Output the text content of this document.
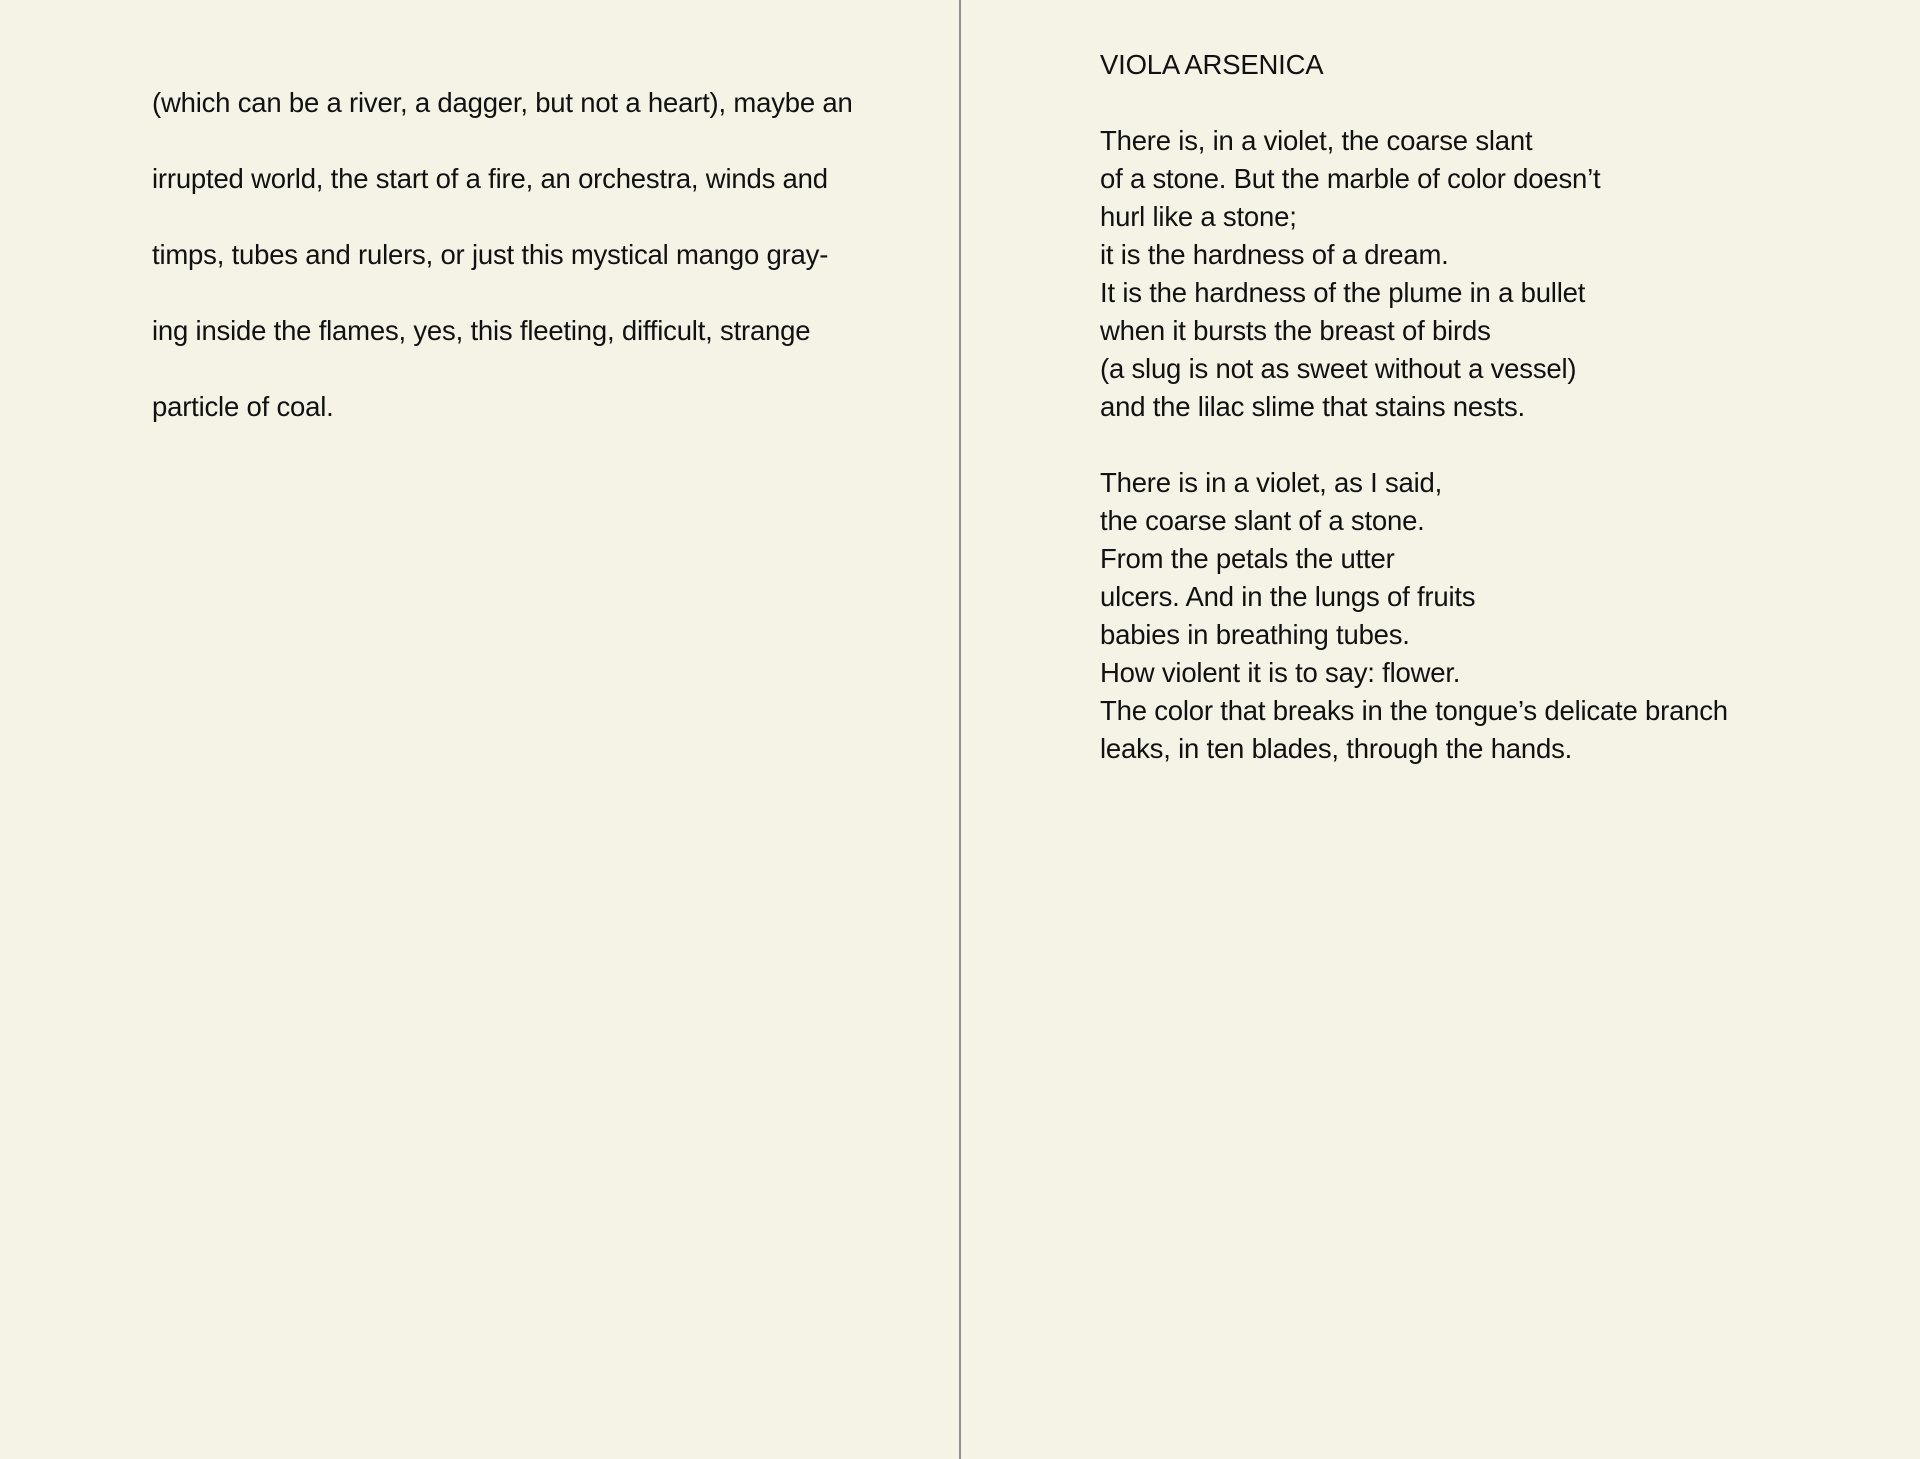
(which can be a river, a dagger, but not a heart), maybe an

irrupted world, the start of a fire, an orchestra, winds and

timps, tubes and rulers, or just this mystical mango gray-

ing inside the flames, yes, this fleeting, difficult, strange

particle of coal.

VIOLA ARSENICA
There is, in a violet, the coarse slant
of a stone. But the marble of color doesn’t
hurl like a stone;
it is the hardness of a dream.
It is the hardness of the plume in a bullet
when it bursts the breast of birds
(a slug is not as sweet without a vessel)
and the lilac slime that stains nests.
There is in a violet, as I said,
the coarse slant of a stone.
From the petals the utter
ulcers. And in the lungs of fruits
babies in breathing tubes.
How violent it is to say: flower.
The color that breaks in the tongue’s delicate branch
leaks, in ten blades, through the hands.
